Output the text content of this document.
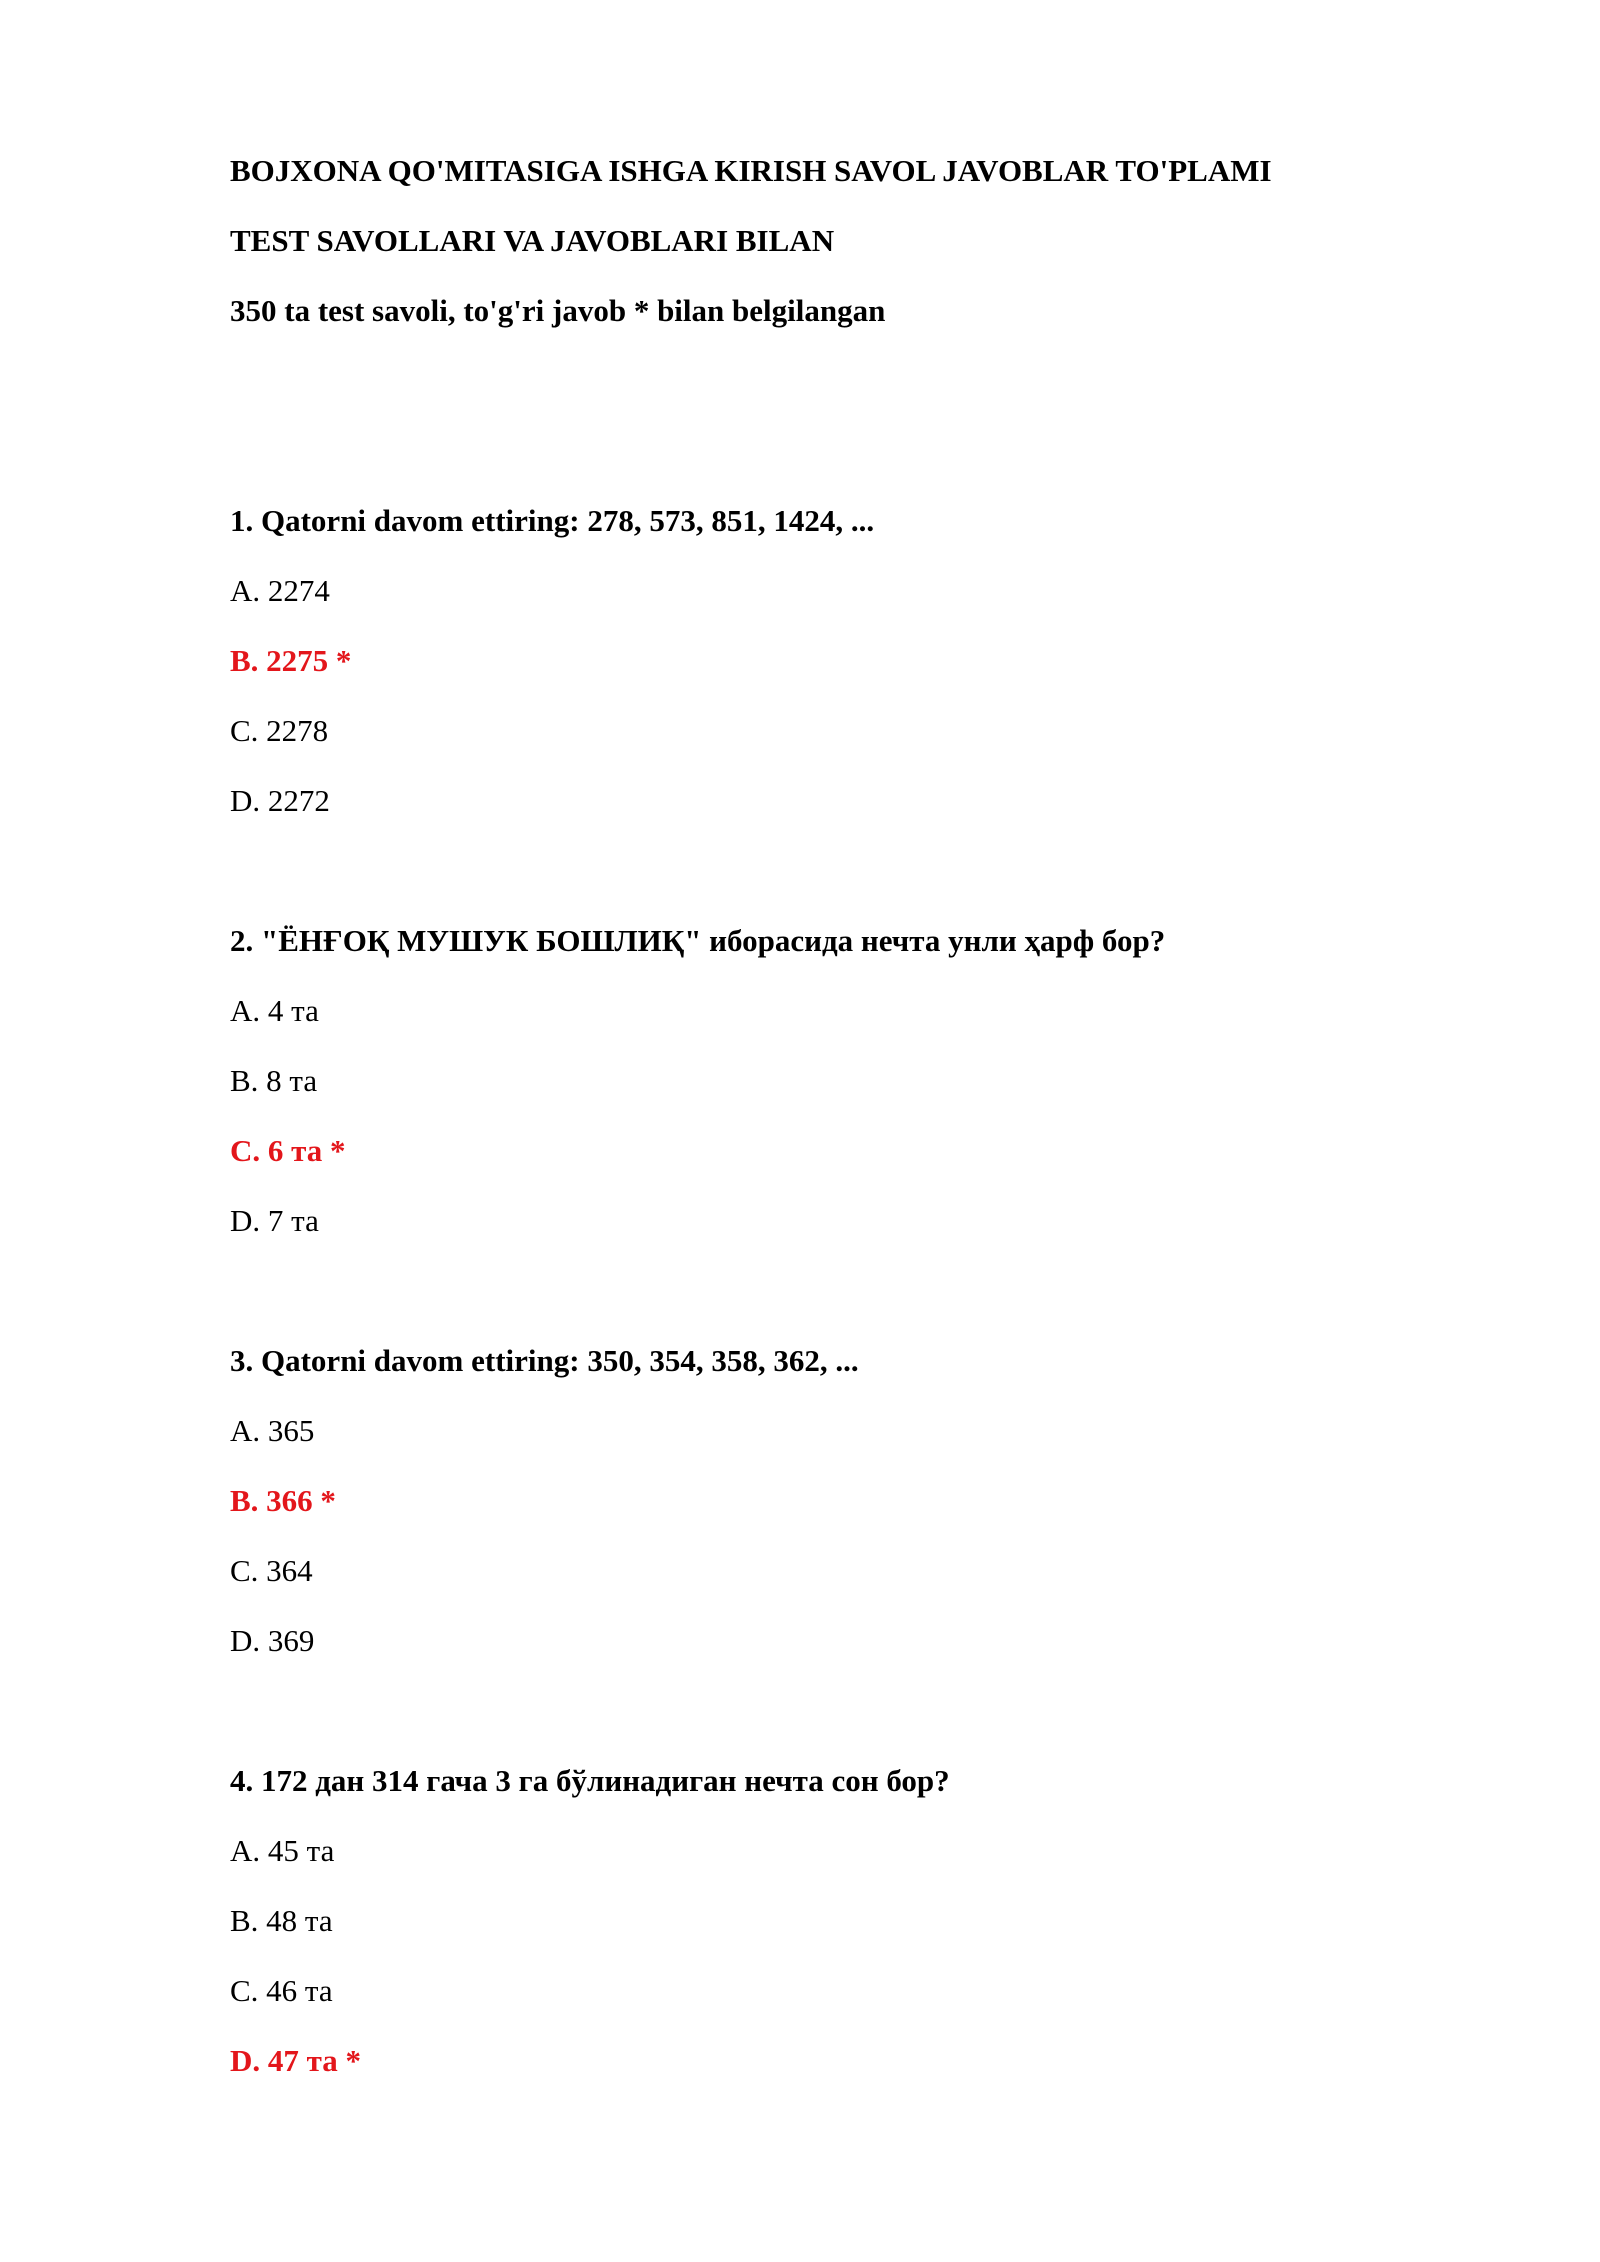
BOJXONA QO'MITASIGA ISHGA KIRISH SAVOL JAVOBLAR TO'PLAMI
TEST SAVOLLARI VA JAVOBLARI BILAN
350 ta test savoli, to'g'ri javob * bilan belgilangan
1. Qatorni davom ettiring: 278, 573, 851, 1424, ...
A. 2274
B. 2275 *
C. 2278
D. 2272
2. "ЁНҒОҚ МУШУК БОШЛИҚ" иборасида нечта унли ҳарф бор?
A. 4 та
B. 8 та
C. 6 та *
D. 7 та
3. Qatorni davom ettiring: 350, 354, 358, 362, ...
A. 365
B. 366 *
C. 364
D. 369
4. 172 дан 314 гача 3 га бўлинадиган нечта сон бор?
A. 45 та
B. 48 та
C. 46 та
D. 47 та *
